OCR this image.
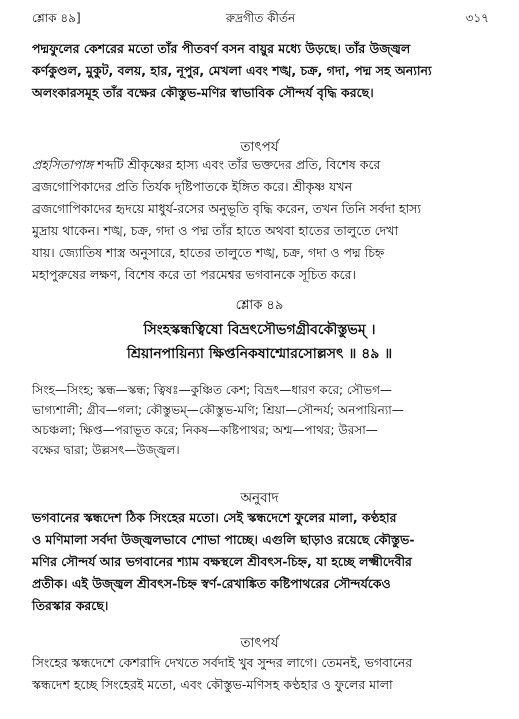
শ্লোক ৪৯]	রুদ্রগীত কীর্তন	৩১৭
পদ্মফুলের কেশরের মতো তাঁর পীতবর্ণ বসন বায়ুর মধ্যে উড়ছে। তাঁর উজ্জ্বল
কর্ণকুণ্ডল, মুকুট, বলয়, হার, নূপুর, মেখলা এবং শঙ্খ, চক্র, গদা, পদ্ম সহ অন্যান্য
অলংকারসমূহ তাঁর বক্ষের কৌস্তুভ-মণির স্বাভাবিক সৌন্দর্য বৃদ্ধি করছে।
তাৎপর্য
প্রহসিতাপাঙ্গ শব্দটি শ্রীকৃষ্ণের হাস্য এবং তাঁর ভক্তদের প্রতি, বিশেষ করে
ব্রজগোপিকাদের প্রতি তির্যক দৃষ্টিপাতকে ইঙ্গিত করে। শ্রীকৃষ্ণ যখন
ব্রজগোপিকাদের হৃদয়ে মাধুর্য-রসের অনুভূতি বৃদ্ধি করেন, তখন তিনি সর্বদা হাস্য
মুদ্রায় থাকেন। শঙ্খ, চক্র, গদা ও পদ্ম তাঁর হাতে অথবা হাতের তালুতে দেখা
যায়। জ্যোতিষ শাস্ত্র অনুসারে, হাতের তালুতে শঙ্খ, চক্র, গদা ও পদ্ম চিহ্ন
মহাপুরুষের লক্ষণ, বিশেষ করে তা পরমেশ্বর ভগবানকে সূচিত করে।
শ্লোক ৪৯
সিংহস্কন্ধত্বিষো বিভ্রৎসৌভগগ্রীবকৌস্তুভম্ ।
শ্রিয়ানপায়িন্যা ক্ষিপ্তনিকষাশ্মোরসোল্লসৎ ॥ ৪৯ ॥
সিংহ—সিংহ; স্কন্ধ—স্কন্ধ; ত্বিষঃ—কুঞ্চিত কেশ; বিভ্রৎ—ধারণ করে; সৌভগ—
ভাগ্যশালী; গ্রীব—গলা; কৌস্তুভম্—কৌস্তুভ-মণি; শ্রিয়া—সৌন্দর্য; অনপায়িন্যা—
অচঞ্চলা; ক্ষিপ্ত—পরাভূত করে; নিকষ—কষ্টিপাথর; অশ্ম—পাথর; উরসা—
বক্ষের দ্বারা; উল্লসৎ—উজ্জ্বল।
অনুবাদ
ভগবানের স্কন্ধদেশ ঠিক সিংহের মতো। সেই স্কন্ধদেশে ফুলের মালা, কণ্ঠহার
ও মণিমালা সর্বদা উজ্জ্বলভাবে শোভা পাচ্ছে। এগুলি ছাড়াও রয়েছে কৌস্তুভ-
মণির সৌন্দর্য আর ভগবানের শ্যাম বক্ষস্থলে শ্রীবৎস-চিহ্ন, যা হচ্ছে লক্ষ্মীদেবীর
প্রতীক। এই উজ্জ্বল শ্রীবৎস-চিহ্ন স্বর্ণ-রেখাঙ্কিত কষ্টিপাথরের সৌন্দর্যকেও
তিরস্কার করছে।
তাৎপর্য
সিংহের স্কন্ধদেশে কেশরাদি দেখতে সর্বদাই খুব সুন্দর লাগে। তেমনই, ভগবানের
স্কন্ধদেশ হচ্ছে সিংহেরই মতো, এবং কৌস্তুভ-মণিসহ কণ্ঠহার ও ফুলের মালা
